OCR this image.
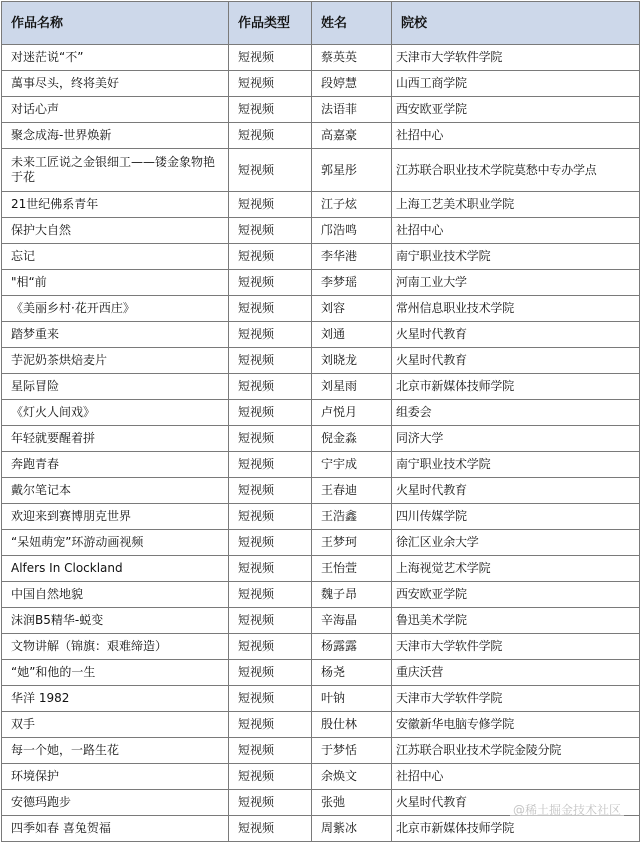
作品名称	作品类型	姓名	院校
对迷茫说“不”	短视频	蔡英英	天津市大学软件学院
萬事尽头，终将美好	短视频	段婷慧	山西工商学院
对话心声	短视频	法语菲	西安欧亚学院
聚念成海-世界焕新	短视频	高嘉豪	社招中心
未来工匠说之金银细工——镂金象物艳于花	短视频	郭星彤	江苏联合职业技术学院莫愁中专办学点
21世纪佛系青年	短视频	江子炫	上海工艺美术职业学院
保护大自然	短视频	邝浩鸣	社招中心
忘记	短视频	李华港	南宁职业技术学院
"相“前	短视频	李梦瑶	河南工业大学
《美丽乡村·花开西庄》	短视频	刘容	常州信息职业技术学院
踏梦重来	短视频	刘通	火星时代教育
芋泥奶茶烘焙麦片	短视频	刘晓龙	火星时代教育
星际冒险	短视频	刘星雨	北京市新媒体技师学院
《灯火人间戏》	短视频	卢悦月	组委会
年轻就要醒着拼	短视频	倪金淼	同济大学
奔跑青春	短视频	宁宇成	南宁职业技术学院
戴尔笔记本	短视频	王春迪	火星时代教育
欢迎来到赛博朋克世界	短视频	王浩鑫	四川传媒学院
“呆妞萌宠”环游动画视频	短视频	王梦珂	徐汇区业余大学
Alfers In Clockland	短视频	王怡萱	上海视觉艺术学院
中国自然地貌	短视频	魏子昂	西安欧亚学院
沫润B5精华-蜕变	短视频	辛海晶	鲁迅美术学院
文物讲解（锦旗：艰难缔造）	短视频	杨露露	天津市大学软件学院
“她”和他的一生	短视频	杨尧	重庆沃营
华洋 1982	短视频	叶钠	天津市大学软件学院
双手	短视频	殷仕林	安徽新华电脑专修学院
每一个她，一路生花	短视频	于梦恬	江苏联合职业技术学院金陵分院
环境保护	短视频	余焕文	社招中心
安德玛跑步	短视频	张弛	火星时代教育
四季如春 喜兔贺福	短视频	周紫冰	北京市新媒体技师学院
@稀土掘金技术社区
